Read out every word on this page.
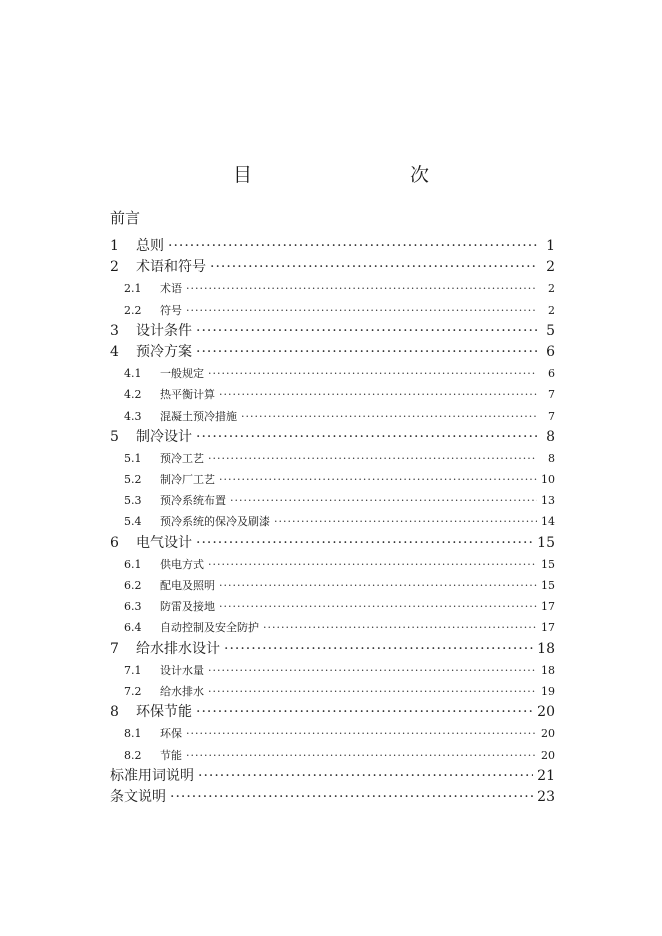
目　　次
前言
1	总则 ·····	1
2	术语和符号 ·····	2
2.1	术语 ·····	2
2.2	符号 ·····	2
3	设计条件 ·····	5
4	预冷方案 ·····	6
4.1	一般规定 ·····	6
4.2	热平衡计算 ·····	7
4.3	混凝土预冷措施 ·····	7
5	制冷设计 ·····	8
5.1	预冷工艺 ·····	8
5.2	制冷厂工艺 ·····	10
5.3	预冷系统布置 ·····	13
5.4	预冷系统的保冷及刷漆 ·····	14
6	电气设计 ·····	15
6.1	供电方式 ·····	15
6.2	配电及照明 ·····	15
6.3	防雷及接地 ·····	17
6.4	自动控制及安全防护 ·····	17
7	给水排水设计 ·····	18
7.1	设计水量 ·····	18
7.2	给水排水 ·····	19
8	环保节能 ·····	20
8.1	环保 ·····	20
8.2	节能 ·····	20
标准用词说明 ·····	21
条文说明 ·····	23
